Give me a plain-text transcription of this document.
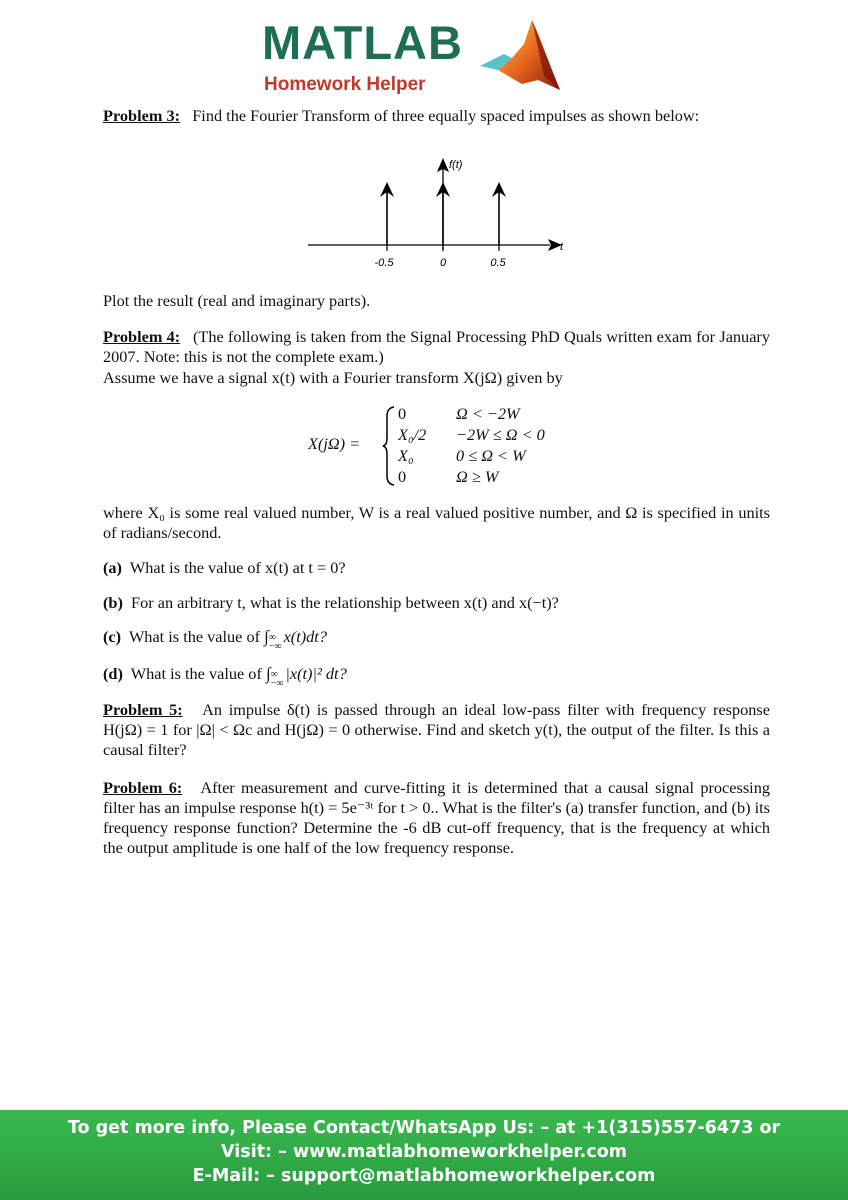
MATLAB
Homework Helper
Problem 3: Find the Fourier Transform of three equally spaced impulses as shown below:
f(t)
t
-0.5	0	0.5
Plot the result (real and imaginary parts).
Problem 4: (The following is taken from the Signal Processing PhD Quals written exam for January 2007. Note: this is not the complete exam.)
Assume we have a signal x(t) with a Fourier transform X(jΩ) given by
X(jΩ) =
0	Ω < −2W
X₀/2 −2W ≤ Ω < 0
X₀	0 ≤ Ω < W
0	Ω ≥ W
where X₀ is some real valued number, W is a real valued positive number, and Ω is specified in units of radians/second.
(a) What is the value of x(t) at t = 0?
(b) For an arbitrary t, what is the relationship between x(t) and x(−t)?
(c) What is the value of ∫ ∞
−∞
x(t)dt?
(d) What is the value of ∫ ∞
−∞
|x(t)|² dt?
Problem 5: An impulse δ(t) is passed through an ideal low-pass filter with frequency response H(jΩ) = 1 for |Ω| < Ωc and H(jΩ) = 0 otherwise. Find and sketch y(t), the output of the filter. Is this a causal filter?
Problem 6: After measurement and curve-fitting it is determined that a causal signal processing filter has an impulse response h(t) = 5e⁻³ᵗ for t > 0.. What is the filter's (a) transfer function, and (b) its frequency response function? Determine the -6 dB cut-off frequency, that is the frequency at which the output amplitude is one half of the low frequency response.
To get more info, Please Contact/WhatsApp Us: – at +1(315)557-6473 or
Visit: – www.matlabhomeworkhelper.com
E-Mail: – support@matlabhomeworkhelper.com
